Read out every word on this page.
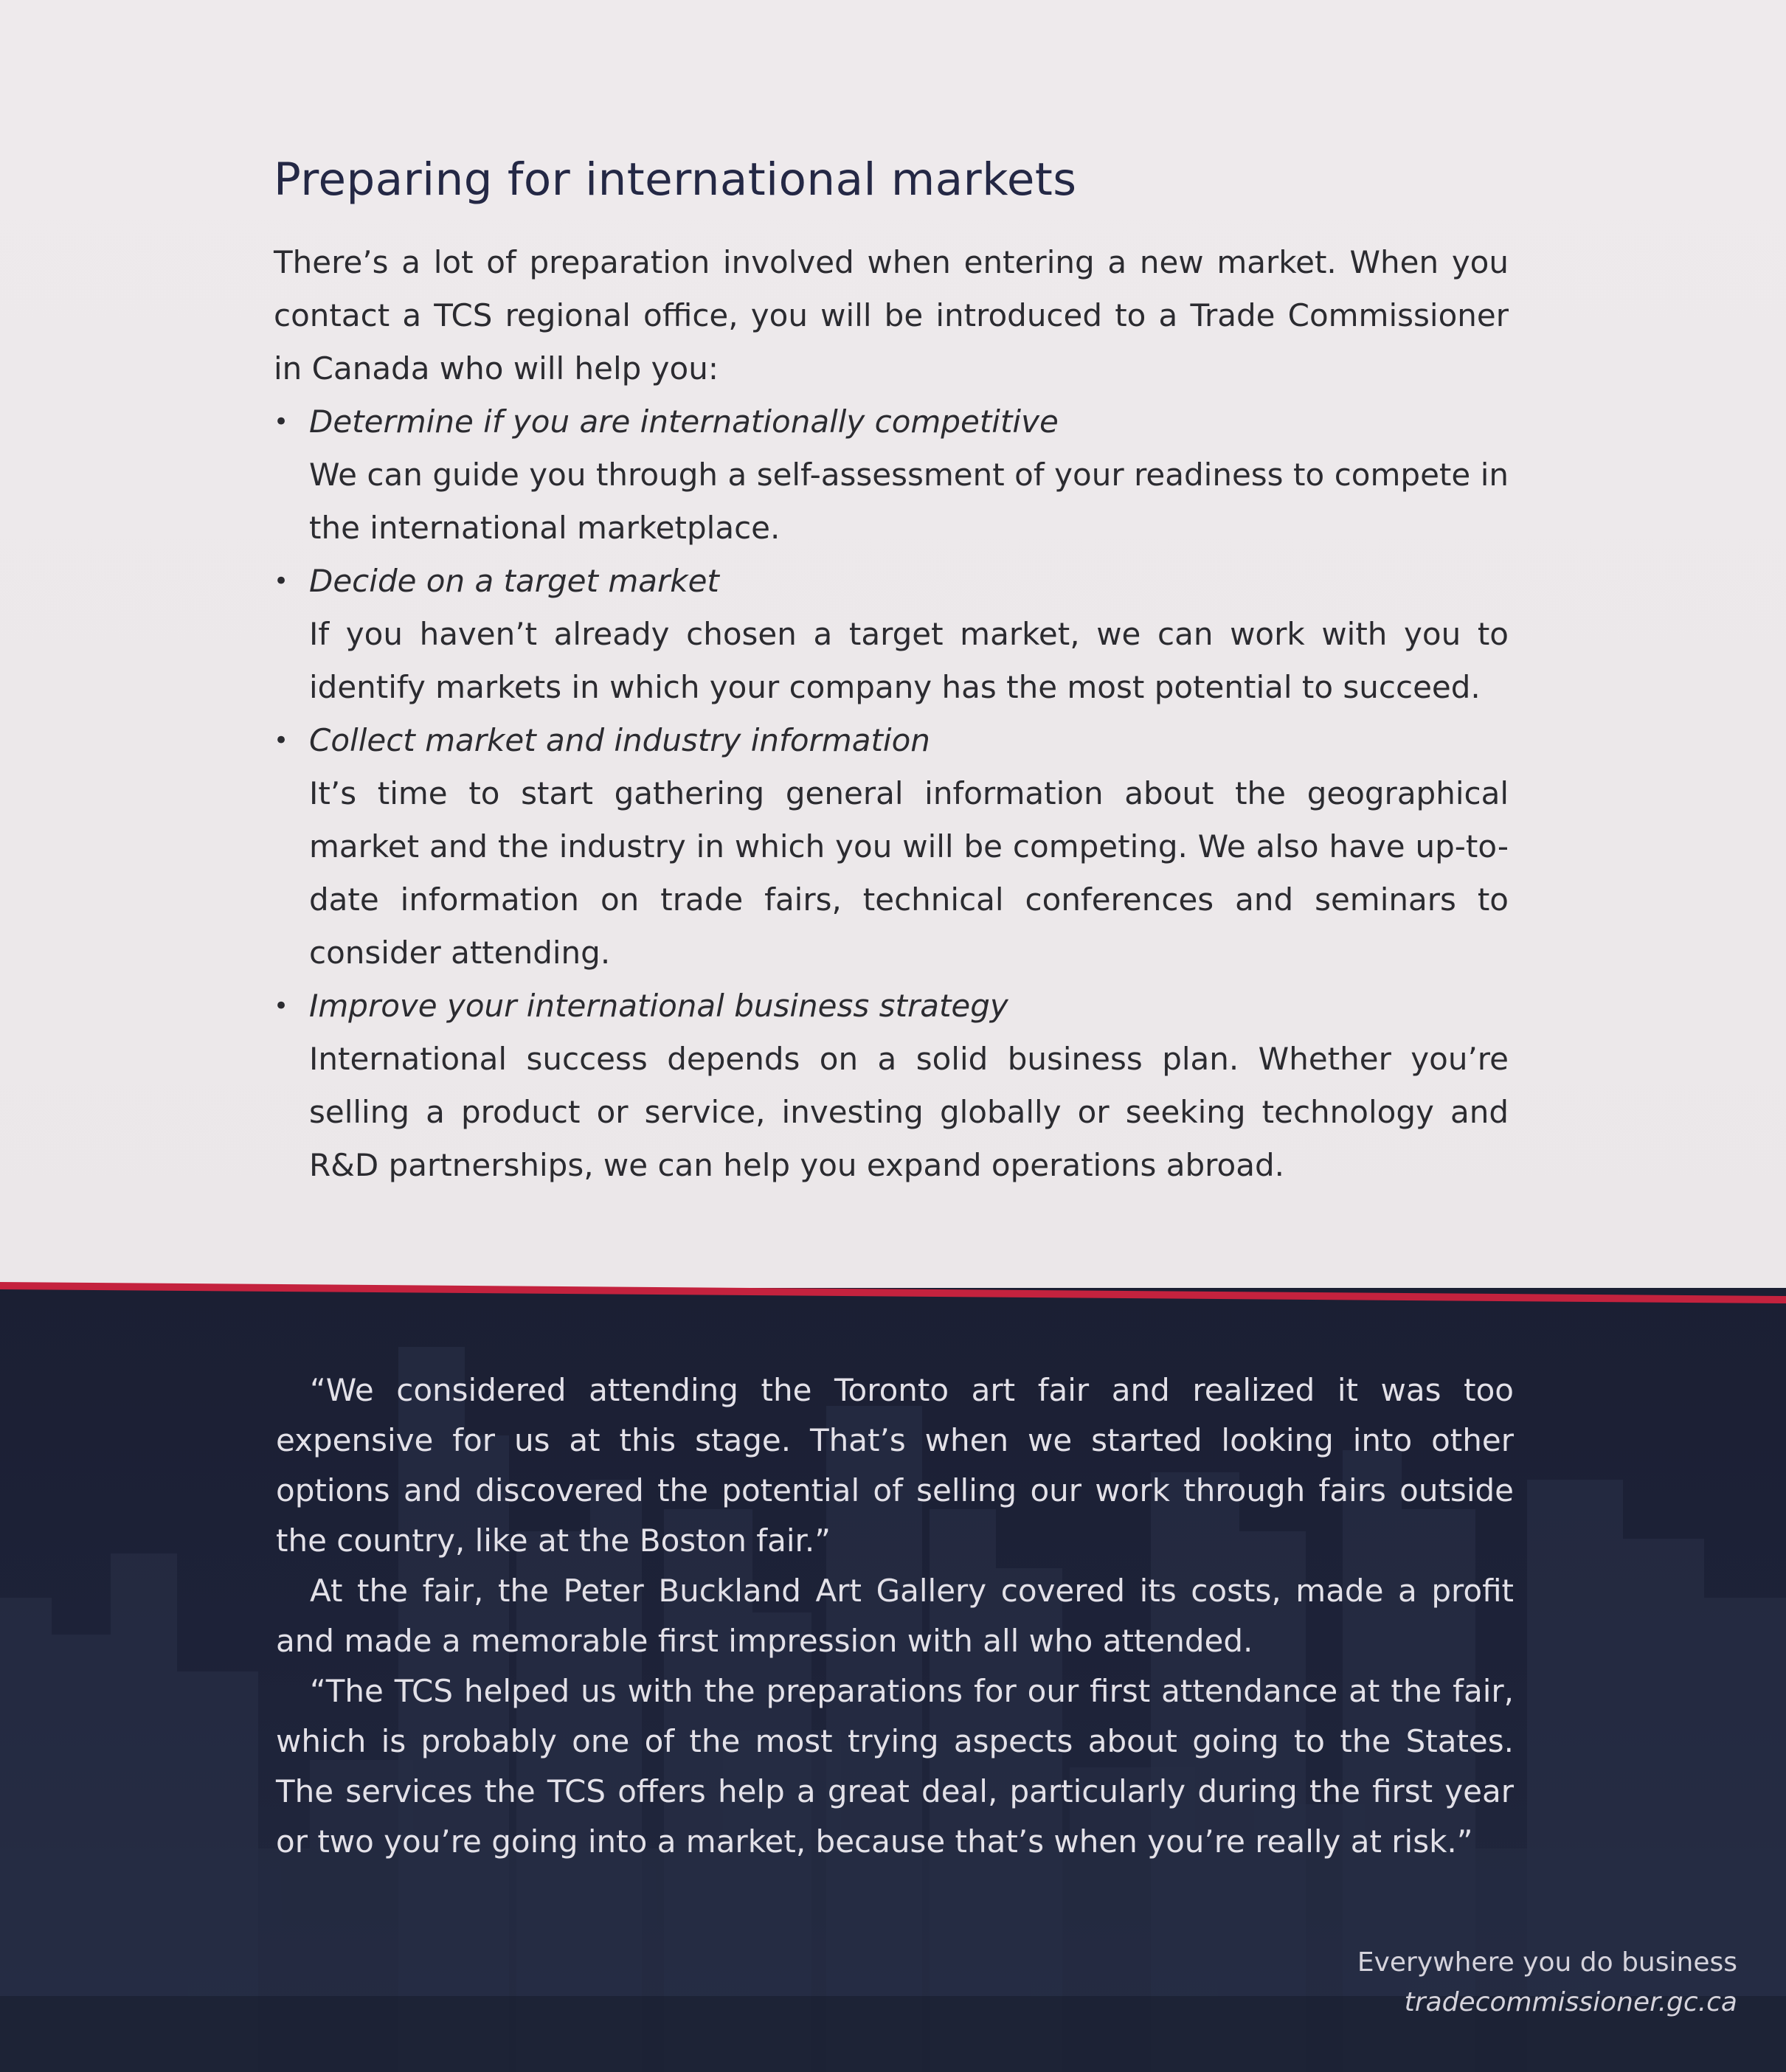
Preparing for international markets

There’s a lot of preparation involved when entering a new market. When you contact a TCS regional office, you will be introduced to a Trade Commissioner in Canada who will help you:

• Determine if you are internationally competitive
We can guide you through a self-assessment of your readiness to compete in the international marketplace.
• Decide on a target market
If you haven’t already chosen a target market, we can work with you to identify markets in which your company has the most potential to succeed.
• Collect market and industry information
It’s time to start gathering general information about the geographical market and the industry in which you will be competing. We also have up-to-date information on trade fairs, technical conferences and seminars to consider attending.
• Improve your international business strategy
International success depends on a solid business plan. Whether you’re selling a product or service, investing globally or seeking technology and R&D partnerships, we can help you expand operations abroad.

“We considered attending the Toronto art fair and realized it was too expensive for us at this stage. That’s when we started looking into other options and discovered the potential of selling our work through fairs outside the country, like at the Boston fair.”

At the fair, the Peter Buckland Art Gallery covered its costs, made a profit and made a memorable first impression with all who attended.

“The TCS helped us with the preparations for our first attendance at the fair, which is probably one of the most trying aspects about going to the States. The services the TCS offers help a great deal, particularly during the first year or two you’re going into a market, because that’s when you’re really at risk.”

Everywhere you do business
tradecommissioner.gc.ca
